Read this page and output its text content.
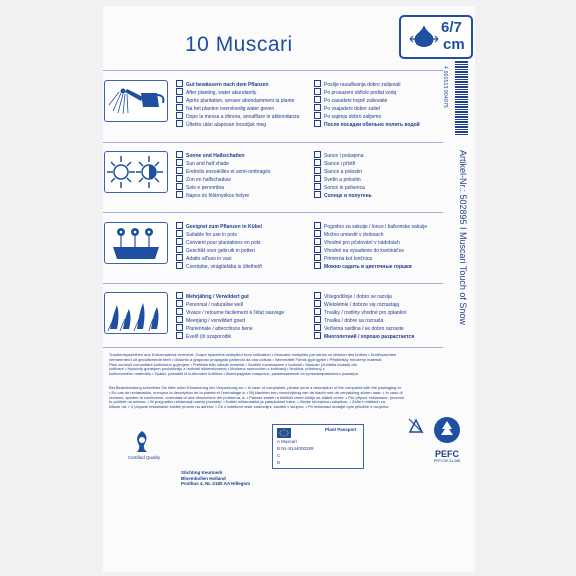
10 Muscari
6/7
cm
Gut bewässern nach dem Pflanzen
After planting, water abundantly
Après plantation, arroser abondamment la plante
Na het planten overvloedig water geven
Dopo la messa a dimora, annaffiare in abbondanza
Ültetés után alaposan locsoljuk meg
Poslije rasađivanja dobro zalijevati
Po prosazeni obficle podlat vodq
Po zasadeni hojně zalievaite
Po vsajadeni dobre zalieť
Po sajenju dobro zalijemo
После посадки обильно полить водой
Sonne und Halbschatten
Sun and half shade
Endroits ensoleillés et semi-ombragés
Zon en halfschaduw
Sole e penombra
Napos és félárnyékos helyre
Sunce i polusjena
Slunce i přistři
Slunce a polostin
Svetlo a polostin
Sonce in polsenca
Солнце и полутень
Geeignet zum Pflanzen in Kübel
Suitable for use in pots
Convient pour plantations en pots
Geschikt voor gebruik in potten
Adatto all'uso in vasi
Cserépbe, virágládába is ültethető
Pogodno za sakuije / lonce i balkonske sakuije
Možno umiestit v dorkoach
Vhodné pro pčstování v nádobách
Vhodné na vysadenie do kvetináčov
Primerna kot lončnica
Можно садить в цветочные горшки
Mehrjährig / Verwildert gut
Perennial / naturalise well
Vivace / retourne facilement à l'état sauvage
Meerjarig / verwildert goed
Pluriennale / attecchisce bene
Évelő (öl szaporodik
Višegodišnje / dobro se razvija
Wieloletnie / dobrze się rozrastają
Trvalky / rostliny vhodné pro zplanění
Trvalka / dobre sa rozrastá
Večletna rastlina / se dobro razraste
Многолетний / хорошо разрастается
4 001513 904975
Artikel-Nr.: 502895 I Muscari Touch of Snow
Traubenhyazinthen aus Kulturmaterial vermehrt. Grape hyacinths multiplied from cultivation • Muscaris multipliés par semis ou division des bulbes • Druifhyacinten
vermeerderd uit gecultiveerde teelt • Giacinto a grappolo propagato partendo da una coltura • Nemesített Fürtös gyöngyike • Pěstitelsky množený materiál
Plan zumbull comunitare kultivirano gojenjem • Prefekta från odlade material • Szafirki rozmnażane z hodowli • Muscari (Zumbila mutasi) din
cultivare • Hyacinty goranjem pochádzajú z hodowli sikkerstvoenej • Modrenc razmnožen z kultivacij • Hrušica, přiroksný z
kultivovaného materiálu • Zyakiv, pažadėti iš kultivuotos kultūros • Виноградные гиацинты, размноженные из культивированного размера.
Bei Beanstandung schreiben Sie bitte unter Einsendung der Verpackung an: • In case of complaints, please send a description of the complaint with the packaging to:
• En cas de réclamation, envoyez la description de la plainte et l'emballage à: • Bij klachten een omschrijving van de klacht met de verpakking sturen naar: • In caso di
reclamo, spedire la confezione, corredata di una descrizione del problema, a: • Panasz esetén a kitöltött címet küldje az alábbi címre: • Pro případ, reklamace, prosíme
to pošlete na adresu: • W przypadku reklamacji należy przesłać: • Kaikki reklamaatiot ja palautukset tulee: • Zdejte šťovačnou zásylkou: • Zeľte h blábach za
siltuse na: • V případe reklamácie zašlite prosím na adresu: • Če z izdelkom niste zadovoljni, zavitek v skupno: • Pri reklamaci dodajte opis pritožbe z ovojnino:
Certified Quality
Stichting Keurmerk
Bloembollen Holland
Postbus 4, NL-2180 AA Hillegom
Plant Passport
A Muscari
B NL-9144000289
C
D
PEFC
PEFC/30-31-088
